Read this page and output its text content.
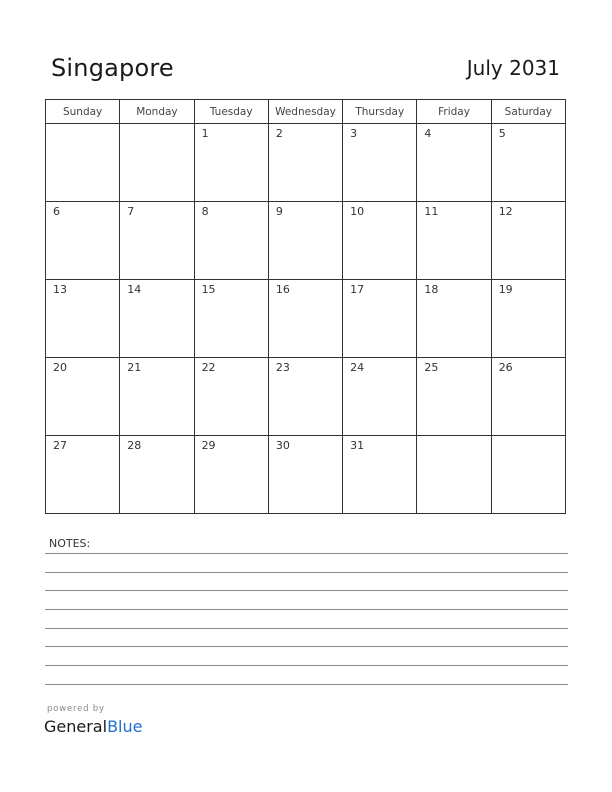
Singapore	July 2031
Sunday	Monday	Tuesday	Wednesday	Thursday	Friday	Saturday

		1	2	3	4	5

6	7	8	9	10	11	12

13	14	15	16	17	18	19

20	21	22	23	24	25	26

27	28	29	30	31		

NOTES:
powered by
GeneralBlue
